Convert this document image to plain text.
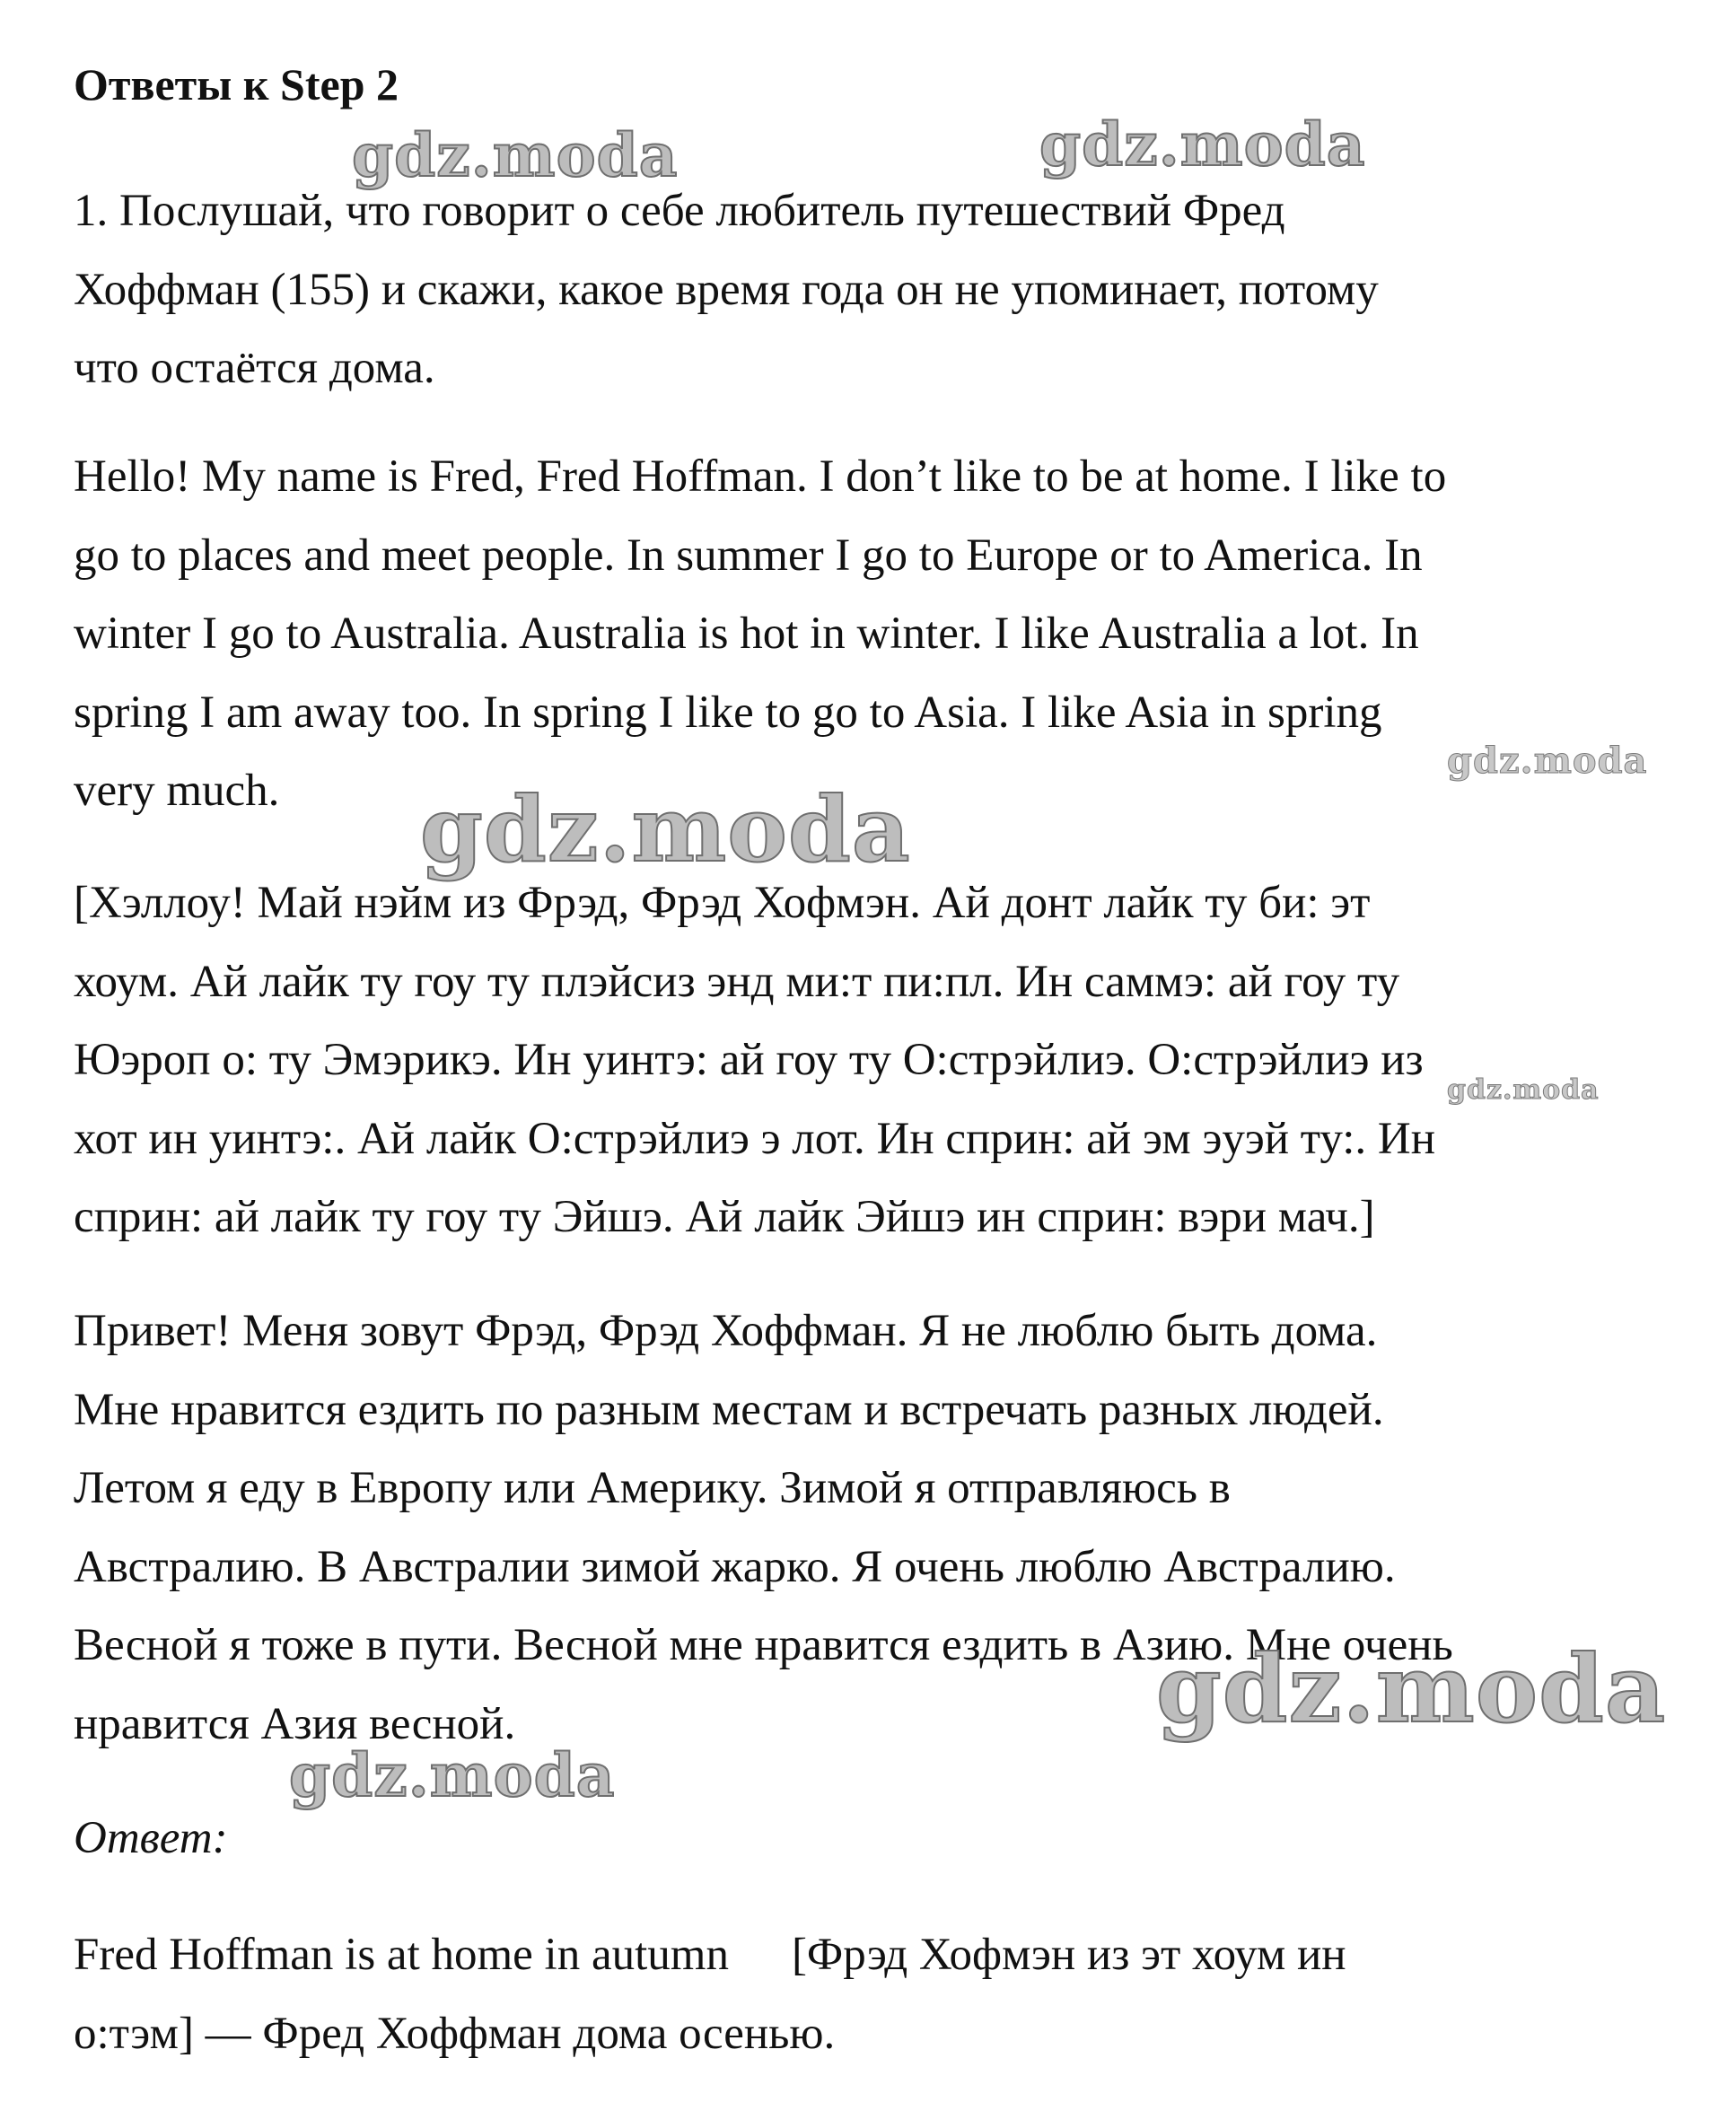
Ответы к Step 2

1. Послушай, что говорит о себе любитель путешествий Фред
Хоффман (155) и скажи, какое время года он не упоминает, потому
что остаётся дома.

Hello! My name is Fred, Fred Hoffman. I don’t like to be at home. I like to
go to places and meet people. In summer I go to Europe or to America. In
winter I go to Australia. Australia is hot in winter. I like Australia a lot. In
spring I am away too. In spring I like to go to Asia. I like Asia in spring
very much.

[Хэллоу! Май нэйм из Фрэд, Фрэд Хофмэн. Ай донт лайк ту би: эт
хоум. Ай лайк ту гоу ту плэйсиз энд ми:т пи:пл. Ин саммэ: ай гоу ту
Юэроп о: ту Эмэрикэ. Ин уинтэ: ай гоу ту О:стрэйлиэ. О:стрэйлиэ из
хот ин уинтэ:. Ай лайк О:стрэйлиэ э лот. Ин сприн: ай эм эуэй ту:. Ин
сприн: ай лайк ту гоу ту Эйшэ. Ай лайк Эйшэ ин сприн: вэри мач.]

Привет! Меня зовут Фрэд, Фрэд Хоффман. Я не люблю быть дома.
Мне нравится ездить по разным местам и встречать разных людей.
Летом я еду в Европу или Америку. Зимой я отправляюсь в
Австралию. В Австралии зимой жарко. Я очень люблю Австралию.
Весной я тоже в пути. Весной мне нравится ездить в Азию. Мне очень
нравится Азия весной.

Ответ:

Fred Hoffman is at home in autumn [Фрэд Хофмэн из эт хоум ин
о:тэм] — Фред Хоффман дома осенью.

gdz.moda	gdz.moda
gdz.moda
gdz.moda
gdz.moda
gdz.moda
gdz.moda
